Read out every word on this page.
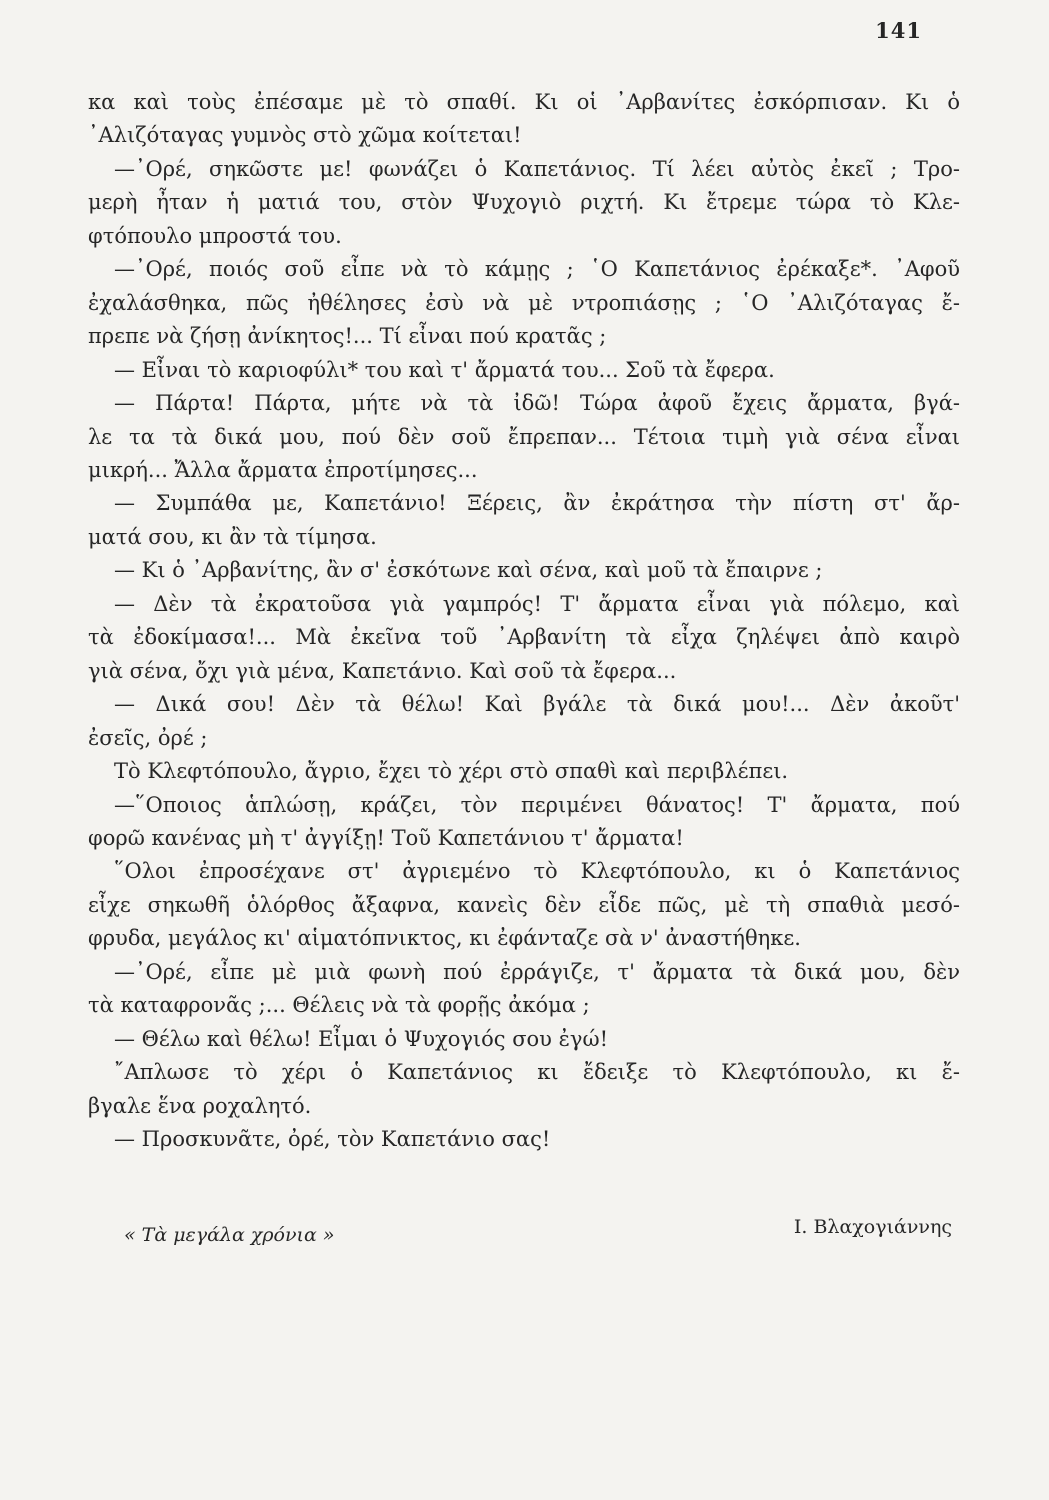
141
κα καὶ τοὺς ἐπέσαμε μὲ τὸ σπαθί. Κι οἱ ᾿Αρβανίτες ἐσκόρπισαν. Κι ὁ
᾿Αλιζόταγας γυμνὸς στὸ χῶμα κοίτεται!
—᾿Ορέ, σηκῶστε με! φωνάζει ὁ Καπετάνιος. Τί λέει αὐτὸς ἐκεῖ ; Τρο-
μερὴ ἦταν ἡ ματιά του, στὸν Ψυχογιὸ ριχτή. Κι ἔτρεμε τώρα τὸ Κλε-
φτόπουλο μπροστά του.
—᾿Ορέ, ποιός σοῦ εἶπε νὰ τὸ κάμῃς ; ῾Ο Καπετάνιος ἐρέκαξε*. ᾿Αφοῦ
ἐχαλάσθηκα, πῶς ἠθέλησες ἐσὺ νὰ μὲ ντροπιάσῃς ; ῾Ο ᾿Αλιζόταγας ἔ-
πρεπε νὰ ζήσῃ ἀνίκητος!... Τί εἶναι πού κρατᾶς ;
— Εἶναι τὸ καριοφύλι* του καὶ τ' ἄρματά του... Σοῦ τὰ ἔφερα.
— Πάρτα! Πάρτα, μήτε νὰ τὰ ἰδῶ! Τώρα ἀφοῦ ἔχεις ἄρματα, βγά-
λε τα τὰ δικά μου, πού δὲν σοῦ ἔπρεπαν... Τέτοια τιμὴ γιὰ σένα εἶναι
μικρή... Ἄλλα ἄρματα ἐπροτίμησες...
— Συμπάθα με, Καπετάνιο! Ξέρεις, ἂν ἐκράτησα τὴν πίστη στ' ἄρ-
ματά σου, κι ἂν τὰ τίμησα.
— Κι ὁ ᾿Αρβανίτης, ἂν σ' ἐσκότωνε καὶ σένα, καὶ μοῦ τὰ ἔπαιρνε ;
— Δὲν τὰ ἐκρατοῦσα γιὰ γαμπρός! Τ' ἄρματα εἶναι γιὰ πόλεμο, καὶ
τὰ ἐδοκίμασα!... Μὰ ἐκεῖνα τοῦ ᾿Αρβανίτη τὰ εἶχα ζηλέψει ἀπὸ καιρὸ
γιὰ σένα, ὄχι γιὰ μένα, Καπετάνιο. Καὶ σοῦ τὰ ἔφερα...
— Δικά σου! Δὲν τὰ θέλω! Καὶ βγάλε τὰ δικά μου!... Δὲν ἀκοῦτ'
ἐσεῖς, ὀρέ ;
Τὸ Κλεφτόπουλο, ἄγριο, ἔχει τὸ χέρι στὸ σπαθὶ καὶ περιβλέπει.
—῞Οποιος ἁπλώσῃ, κράζει, τὸν περιμένει θάνατος! Τ' ἄρματα, πού
φορῶ κανένας μὴ τ' ἀγγίξῃ! Τοῦ Καπετάνιου τ' ἄρματα!
῞Ολοι ἐπροσέχανε στ' ἀγριεμένο τὸ Κλεφτόπουλο, κι ὁ Καπετάνιος
εἶχε σηκωθῆ ὁλόρθος ἄξαφνα, κανεὶς δὲν εἶδε πῶς, μὲ τὴ σπαθιὰ μεσό-
φρυδα, μεγάλος κι' αἱματόπνικτος, κι ἐφάνταζε σὰ ν' ἀναστήθηκε.
—᾿Ορέ, εἶπε μὲ μιὰ φωνὴ πού ἐρράγιζε, τ' ἄρματα τὰ δικά μου, δὲν
τὰ καταφρονᾶς ;... Θέλεις νὰ τὰ φορῇς ἀκόμα ;
— Θέλω καὶ θέλω! Εἶμαι ὁ Ψυχογιός σου ἐγώ!
῎Απλωσε τὸ χέρι ὁ Καπετάνιος κι ἔδειξε τὸ Κλεφτόπουλο, κι ἔ-
βγαλε ἕνα ροχαλητό.
— Προσκυνᾶτε, ὀρέ, τὸν Καπετάνιο σας!
« Τὰ μεγάλα χρόνια »	Ι. Βλαχογιάννης
